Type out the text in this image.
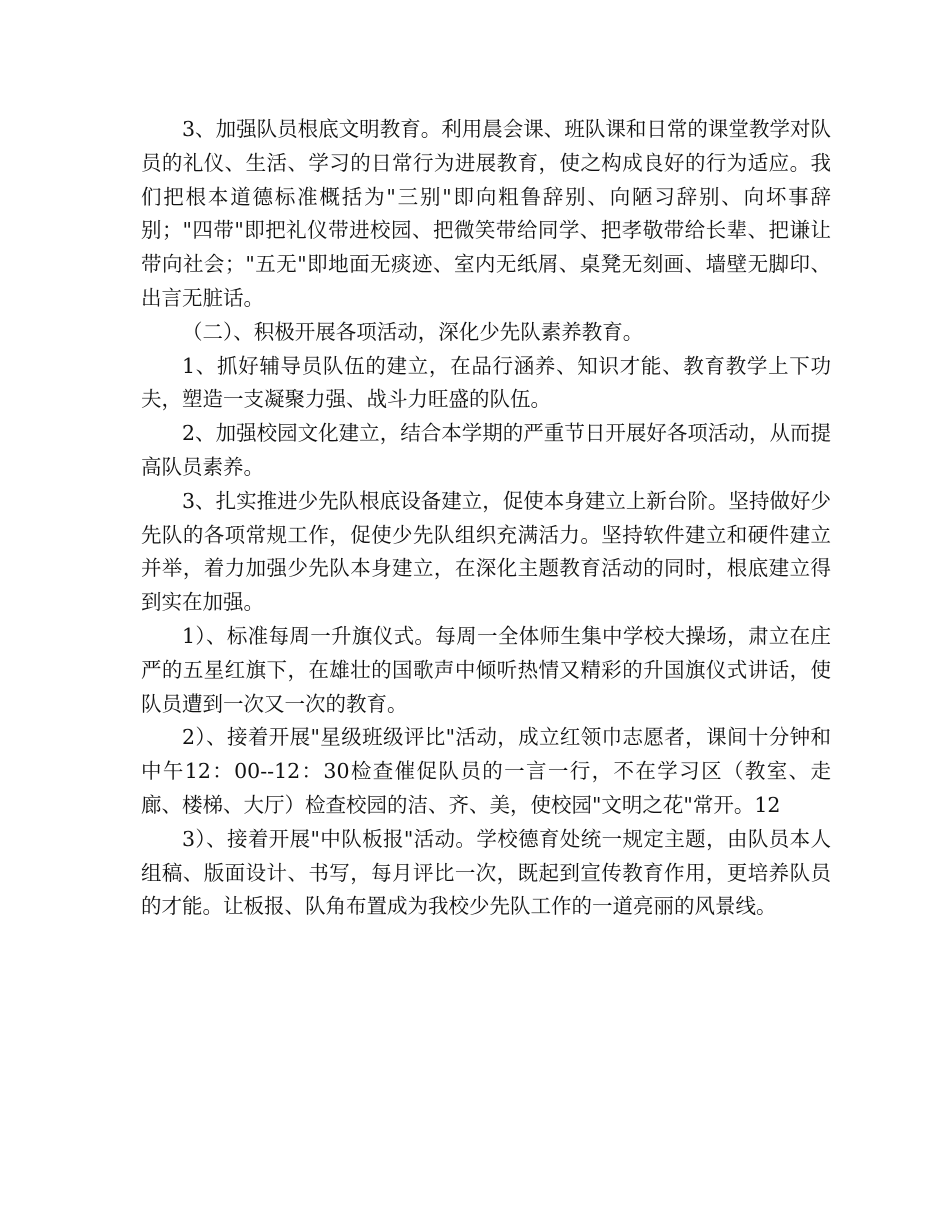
3、加强队员根底文明教育。利用晨会课、班队课和日常的课堂教学对队员的礼仪、生活、学习的日常行为进展教育，使之构成良好的行为适应。我们把根本道德标准概括为"三别"即向粗鲁辞别、向陋习辞别、向坏事辞别；"四带"即把礼仪带进校园、把微笑带给同学、把孝敬带给长辈、把谦让带向社会；"五无"即地面无痰迹、室内无纸屑、桌凳无刻画、墙壁无脚印、出言无脏话。

（二）、积极开展各项活动，深化少先队素养教育。

1、抓好辅导员队伍的建立，在品行涵养、知识才能、教育教学上下功夫，塑造一支凝聚力强、战斗力旺盛的队伍。

2、加强校园文化建立，结合本学期的严重节日开展好各项活动，从而提高队员素养。

3、扎实推进少先队根底设备建立，促使本身建立上新台阶。坚持做好少先队的各项常规工作，促使少先队组织充满活力。坚持软件建立和硬件建立并举，着力加强少先队本身建立，在深化主题教育活动的同时，根底建立得到实在加强。

1）、标准每周一升旗仪式。每周一全体师生集中学校大操场，肃立在庄严的五星红旗下，在雄壮的国歌声中倾听热情又精彩的升国旗仪式讲话，使队员遭到一次又一次的教育。

2）、接着开展"星级班级评比"活动，成立红领巾志愿者，课间十分钟和中午12：00--12：30检查催促队员的一言一行，不在学习区（教室、走廊、楼梯、大厅）检查校园的洁、齐、美，使校园"文明之花"常开。12

3）、接着开展"中队板报"活动。学校德育处统一规定主题，由队员本人组稿、版面设计、书写，每月评比一次，既起到宣传教育作用，更培养队员的才能。让板报、队角布置成为我校少先队工作的一道亮丽的风景线。
